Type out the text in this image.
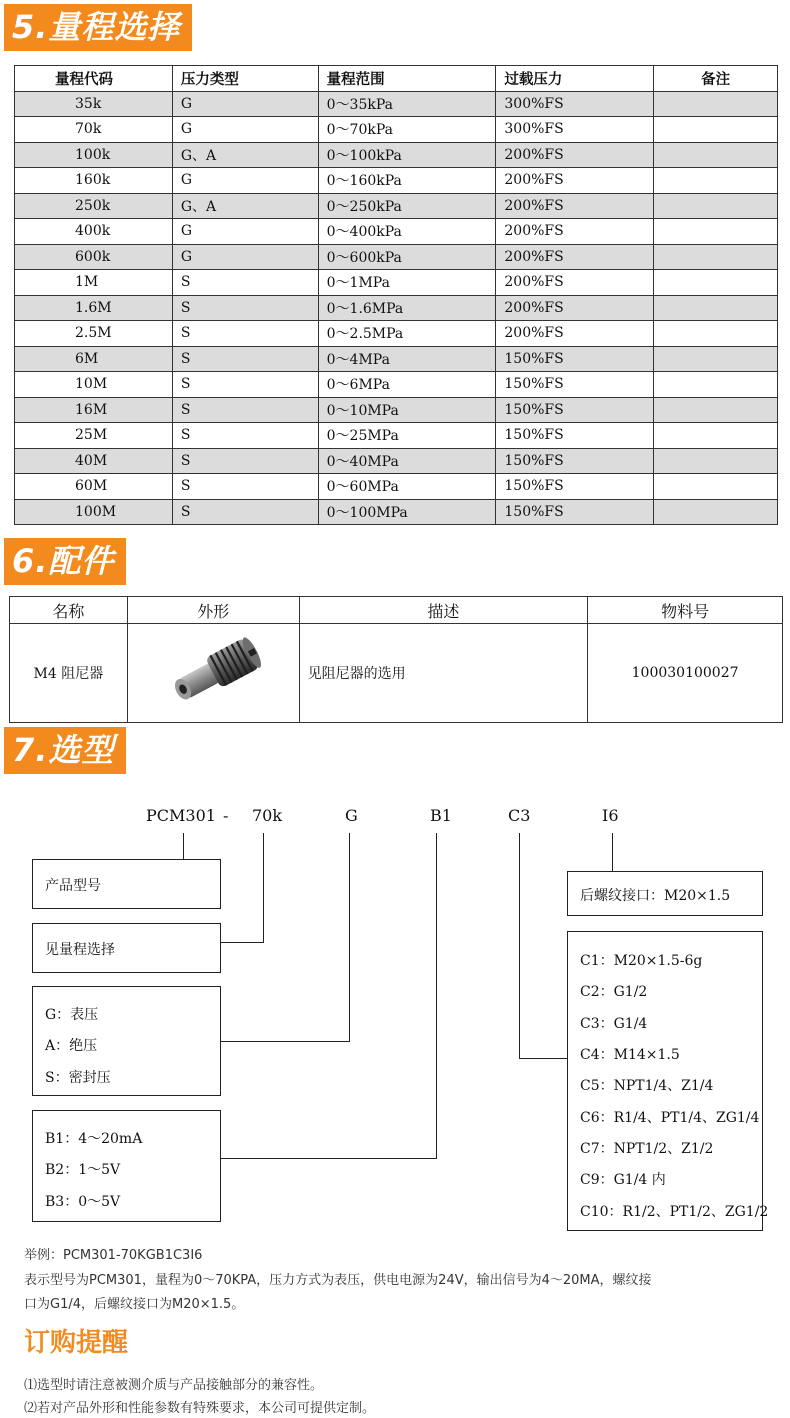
5.量程选择
量程代码	压力类型	量程范围	过载压力	备注
35k	G	0～35kPa	300%FS	
70k	G	0～70kPa	300%FS	
100k	G、A	0～100kPa	200%FS	
160k	G	0～160kPa	200%FS	
250k	G、A	0～250kPa	200%FS	
400k	G	0～400kPa	200%FS	
600k	G	0～600kPa	200%FS	
1M	S	0～1MPa	200%FS	
1.6M	S	0～1.6MPa	200%FS	
2.5M	S	0～2.5MPa	200%FS	
6M	S	0～4MPa	150%FS	
10M	S	0～6MPa	150%FS	
16M	S	0～10MPa	150%FS	
25M	S	0～25MPa	150%FS	
40M	S	0～40MPa	150%FS	
60M	S	0～60MPa	150%FS	
100M	S	0～100MPa	150%FS	
6.配件
名称	外形	描述	物料号
M4 阻尼器		见阻尼器的选用	100030100027
7.选型
PCM301 - 70k	G	B1	C3	I6
产品型号
见量程选择
G：表压
A：绝压
S：密封压
B1：4～20mA
B2：1～5V
B3：0～5V
后螺纹接口：M20×1.5
C1：M20×1.5-6g
C2：G1/2
C3：G1/4
C4：M14×1.5
C5：NPT1/4、Z1/4
C6：R1/4、PT1/4、ZG1/4
C7：NPT1/2、Z1/2
C9：G1/4 内
C10：R1/2、PT1/2、ZG1/2
举例：PCM301-70KGB1C3I6
表示型号为PCM301，量程为0～70KPA，压力方式为表压，供电电源为24V，输出信号为4～20MA，螺纹接
口为G1/4，后螺纹接口为M20×1.5。
订购提醒
⑴选型时请注意被测介质与产品接触部分的兼容性。
⑵若对产品外形和性能参数有特殊要求，本公司可提供定制。
